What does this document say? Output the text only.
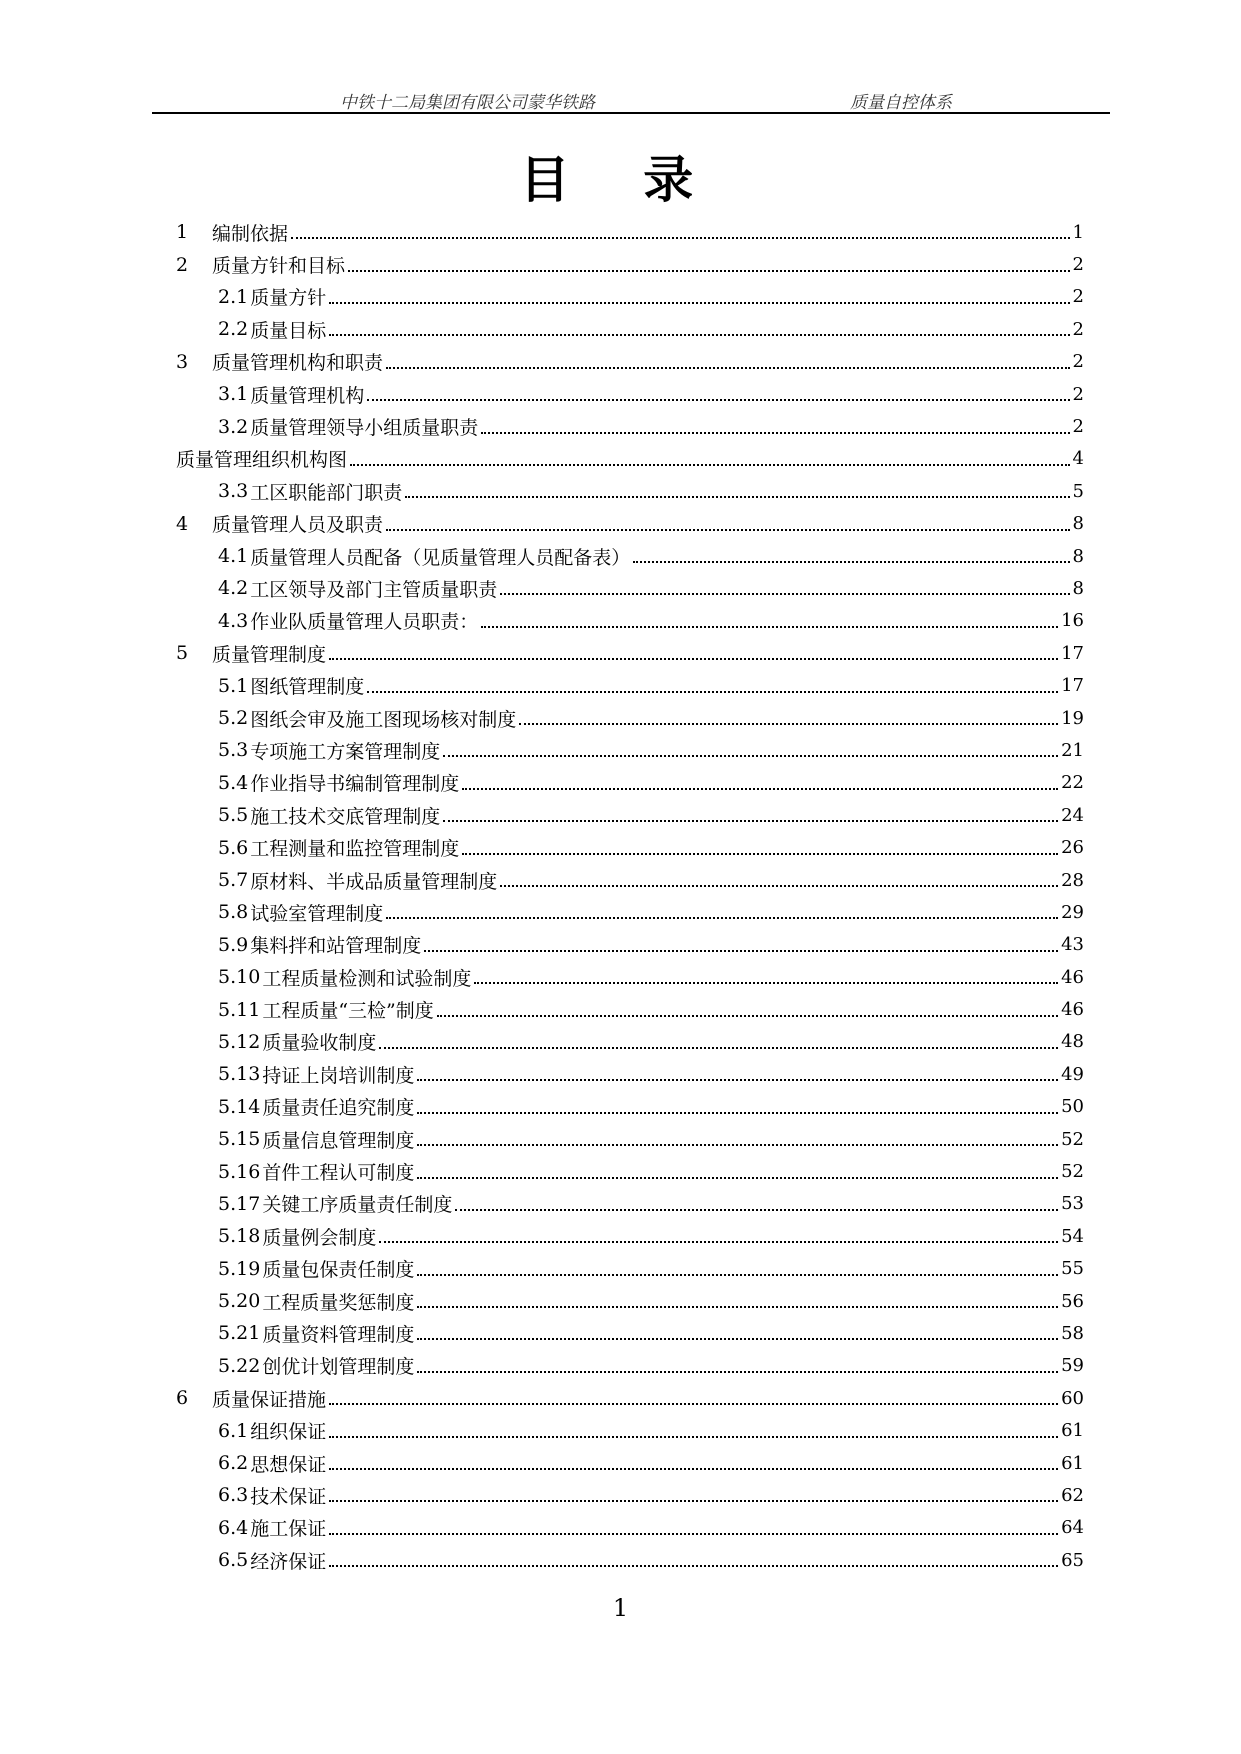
中铁十二局集团有限公司蒙华铁路	质量自控体系
目 录
1	编制依据	1
2	质量方针和目标	2
2.1 质量方针	2
2.2 质量目标	2
3	质量管理机构和职责	2
3.1 质量管理机构	2
3.2 质量管理领导小组质量职责	2
质量管理组织机构图	4
3.3 工区职能部门职责	5
4	质量管理人员及职责	8
4.1 质量管理人员配备（见质量管理人员配备表）	8
4.2 工区领导及部门主管质量职责	8
4.3 作业队质量管理人员职责：	16
5	质量管理制度	17
5.1 图纸管理制度	17
5.2 图纸会审及施工图现场核对制度	19
5.3 专项施工方案管理制度	21
5.4 作业指导书编制管理制度	22
5.5 施工技术交底管理制度	24
5.6 工程测量和监控管理制度	26
5.7 原材料、半成品质量管理制度	28
5.8 试验室管理制度	29
5.9 集料拌和站管理制度	43
5.10 工程质量检测和试验制度	46
5.11 工程质量“三检”制度	46
5.12 质量验收制度	48
5.13 持证上岗培训制度	49
5.14 质量责任追究制度	50
5.15 质量信息管理制度	52
5.16 首件工程认可制度	52
5.17 关键工序质量责任制度	53
5.18 质量例会制度	54
5.19 质量包保责任制度	55
5.20 工程质量奖惩制度	56
5.21 质量资料管理制度	58
5.22 创优计划管理制度	59
6	质量保证措施	60
6.1 组织保证	61
6.2 思想保证	61
6.3 技术保证	62
6.4 施工保证	64
6.5 经济保证	65
1
